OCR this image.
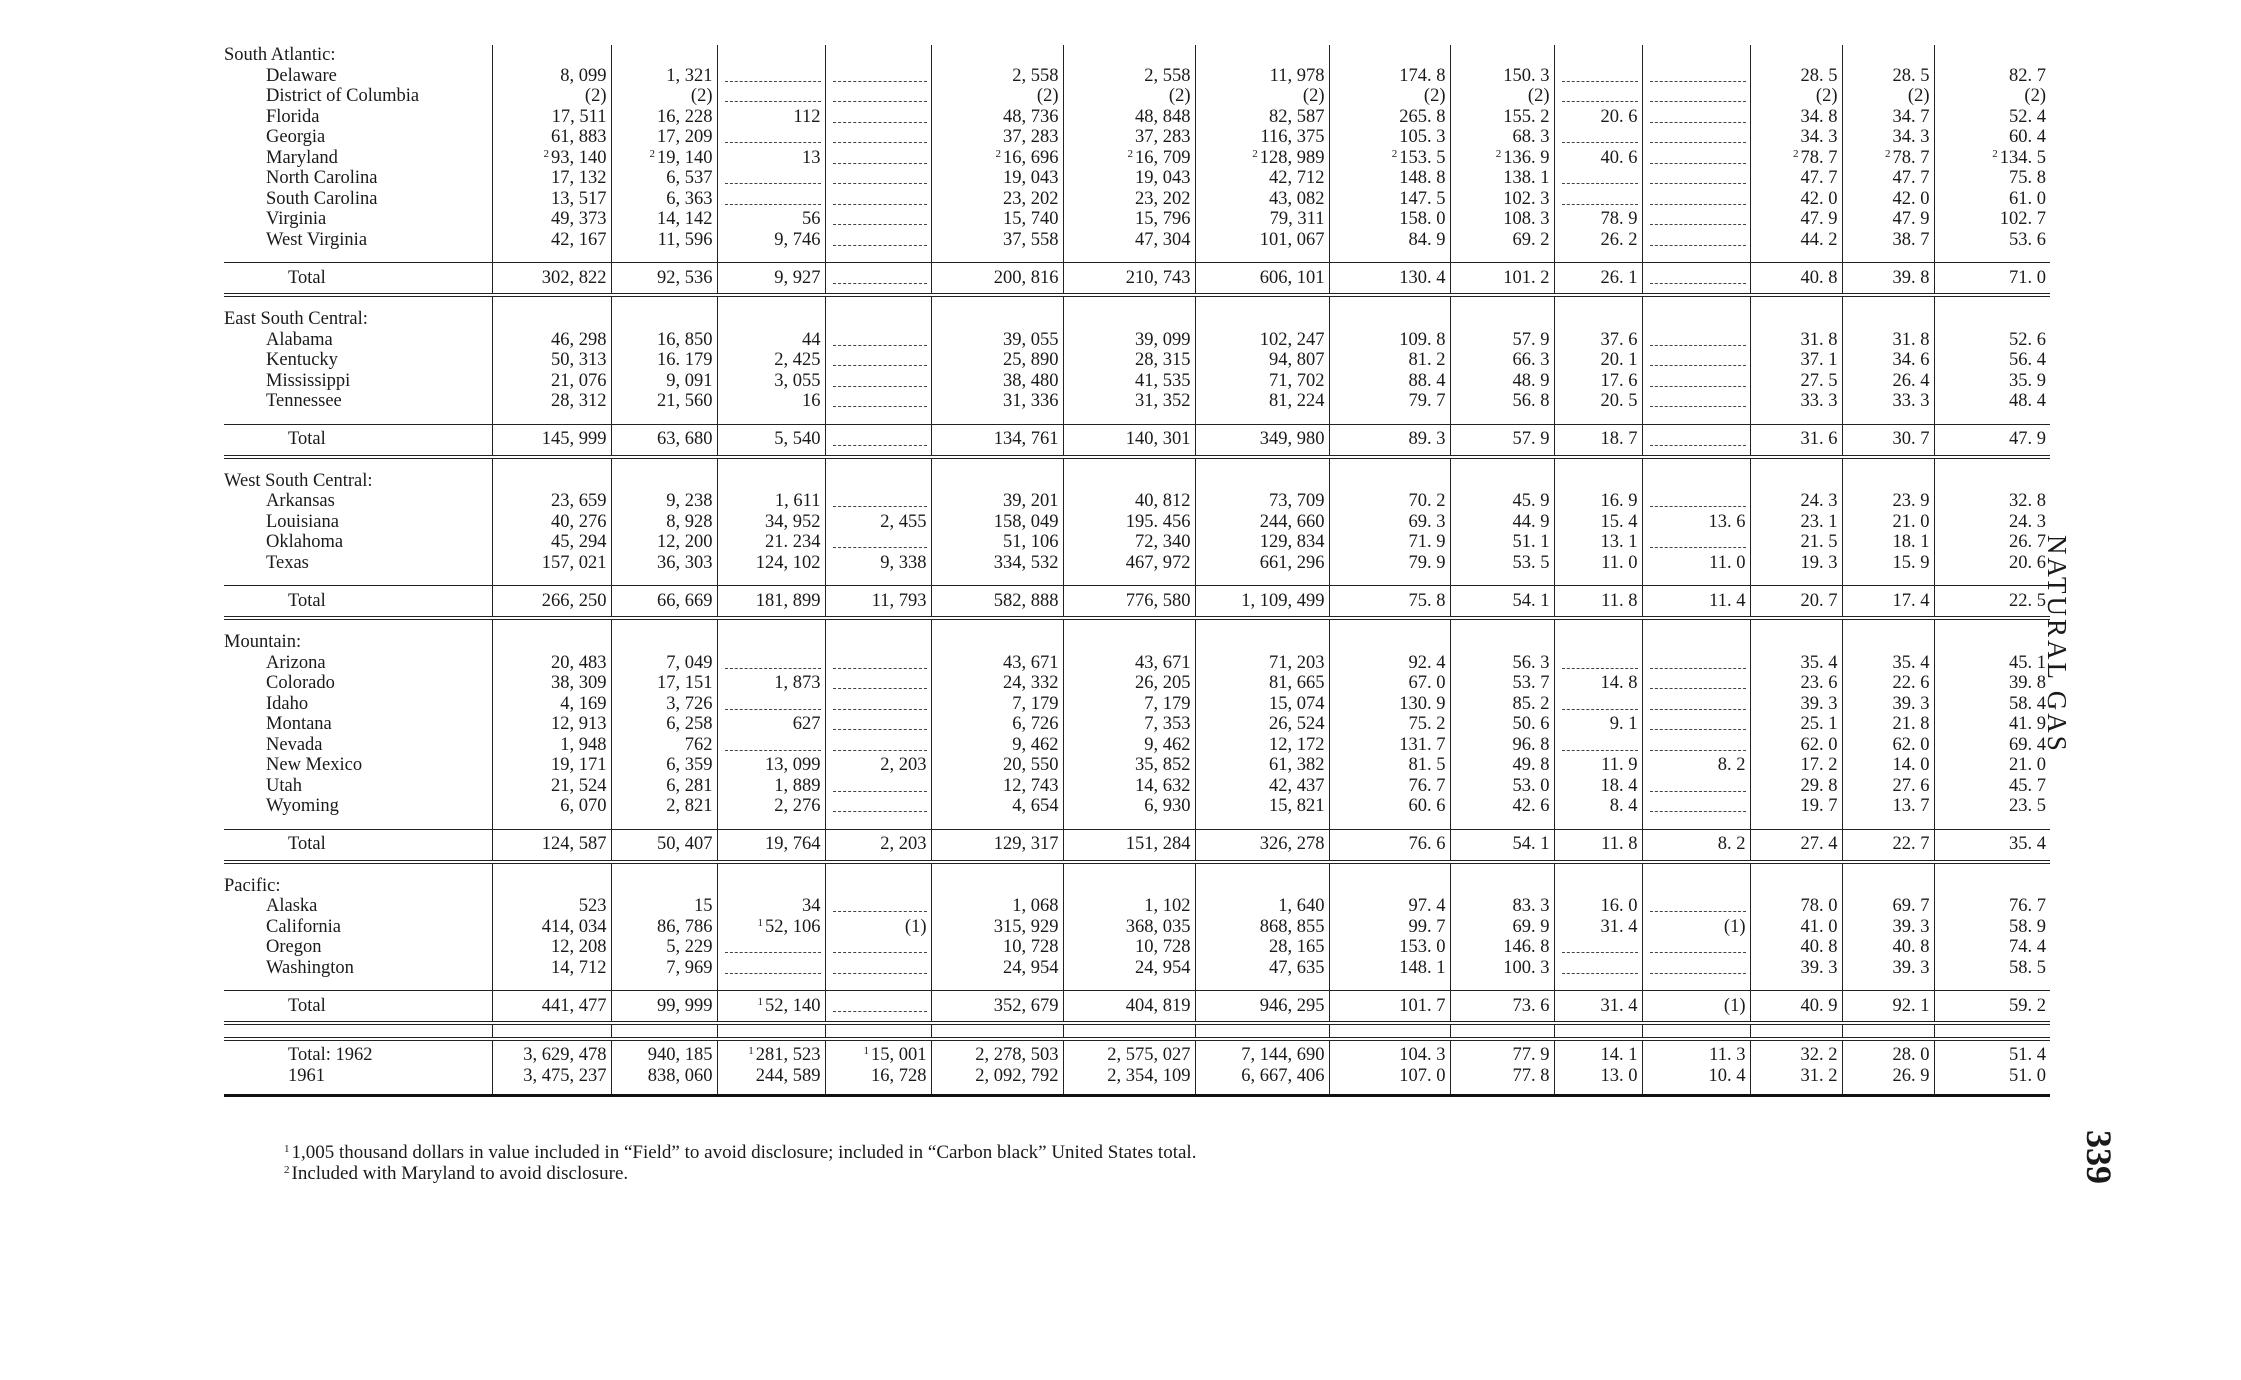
South Atlantic:														
Delaware	8, 099	1, 321			2, 558	2, 558	11, 978	174. 8	150. 3			28. 5	28. 5	82. 7
District of Columbia	(2)	(2)			(2)	(2)	(2)	(2)	(2)			(2)	(2)	(2)
Florida	17, 511	16, 228	112		48, 736	48, 848	82, 587	265. 8	155. 2	20. 6		34. 8	34. 7	52. 4
Georgia	61, 883	17, 209			37, 283	37, 283	116, 375	105. 3	68. 3			34. 3	34. 3	60. 4
Maryland	$^2$ 93, 140	$^2$ 19, 140	13		$^2$ 16, 696	$^2$ 16, 709	$^2$ 128, 989	$^2$ 153. 5	$^2$ 136. 9	40. 6		$^2$ 78. 7	$^2$ 78. 7	$^2$ 134. 5
North Carolina	17, 132	6, 537			19, 043	19, 043	42, 712	148. 8	138. 1			47. 7	47. 7	75. 8
South Carolina	13, 517	6, 363			23, 202	23, 202	43, 082	147. 5	102. 3			42. 0	42. 0	61. 0
Virginia	49, 373	14, 142	56		15, 740	15, 796	79, 311	158. 0	108. 3	78. 9		47. 9	47. 9	102. 7
West Virginia	42, 167	11, 596	9, 746		37, 558	47, 304	101, 067	84. 9	69. 2	26. 2		44. 2	38. 7	53. 6

Total	302, 822	92, 536	9, 927		200, 816	210, 743	606, 101	130. 4	101. 2	26. 1		40. 8	39. 8	71. 0

East South Central:														
Alabama	46, 298	16, 850	44		39, 055	39, 099	102, 247	109. 8	57. 9	37. 6		31. 8	31. 8	52. 6
Kentucky	50, 313	16. 179	2, 425		25, 890	28, 315	94, 807	81. 2	66. 3	20. 1		37. 1	34. 6	56. 4
Mississippi	21, 076	9, 091	3, 055		38, 480	41, 535	71, 702	88. 4	48. 9	17. 6		27. 5	26. 4	35. 9
Tennessee	28, 312	21, 560	16		31, 336	31, 352	81, 224	79. 7	56. 8	20. 5		33. 3	33. 3	48. 4

Total	145, 999	63, 680	5, 540		134, 761	140, 301	349, 980	89. 3	57. 9	18. 7		31. 6	30. 7	47. 9

West South Central:														
Arkansas	23, 659	9, 238	1, 611		39, 201	40, 812	73, 709	70. 2	45. 9	16. 9		24. 3	23. 9	32. 8
Louisiana	40, 276	8, 928	34, 952	2, 455	158, 049	195. 456	244, 660	69. 3	44. 9	15. 4	13. 6	23. 1	21. 0	24. 3
Oklahoma	45, 294	12, 200	21. 234		51, 106	72, 340	129, 834	71. 9	51. 1	13. 1		21. 5	18. 1	26. 7
Texas	157, 021	36, 303	124, 102	9, 338	334, 532	467, 972	661, 296	79. 9	53. 5	11. 0	11. 0	19. 3	15. 9	20. 6

Total	266, 250	66, 669	181, 899	11, 793	582, 888	776, 580	1, 109, 499	75. 8	54. 1	11. 8	11. 4	20. 7	17. 4	22. 5

Mountain:														
Arizona	20, 483	7, 049			43, 671	43, 671	71, 203	92. 4	56. 3			35. 4	35. 4	45. 1
Colorado	38, 309	17, 151	1, 873		24, 332	26, 205	81, 665	67. 0	53. 7	14. 8		23. 6	22. 6	39. 8
Idaho	4, 169	3, 726			7, 179	7, 179	15, 074	130. 9	85. 2			39. 3	39. 3	58. 4
Montana	12, 913	6, 258	627		6, 726	7, 353	26, 524	75. 2	50. 6	9. 1		25. 1	21. 8	41. 9
Nevada	1, 948	762			9, 462	9, 462	12, 172	131. 7	96. 8			62. 0	62. 0	69. 4
New Mexico	19, 171	6, 359	13, 099	2, 203	20, 550	35, 852	61, 382	81. 5	49. 8	11. 9	8. 2	17. 2	14. 0	21. 0
Utah	21, 524	6, 281	1, 889		12, 743	14, 632	42, 437	76. 7	53. 0	18. 4		29. 8	27. 6	45. 7
Wyoming	6, 070	2, 821	2, 276		4, 654	6, 930	15, 821	60. 6	42. 6	8. 4		19. 7	13. 7	23. 5

Total	124, 587	50, 407	19, 764	2, 203	129, 317	151, 284	326, 278	76. 6	54. 1	11. 8	8. 2	27. 4	22. 7	35. 4

Pacific:														
Alaska	523	15	34		1, 068	1, 102	1, 640	97. 4	83. 3	16. 0		78. 0	69. 7	76. 7
California	414, 034	86, 786	$^1$ 52, 106	(1)	315, 929	368, 035	868, 855	99. 7	69. 9	31. 4	(1)	41. 0	39. 3	58. 9
Oregon	12, 208	5, 229			10, 728	10, 728	28, 165	153. 0	146. 8			40. 8	40. 8	74. 4
Washington	14, 712	7, 969			24, 954	24, 954	47, 635	148. 1	100. 3			39. 3	39. 3	58. 5

Total	441, 477	99, 999	$^1$ 52, 140		352, 679	404, 819	946, 295	101. 7	73. 6	31. 4	(1)	40. 9	92. 1	59. 2

Total: 1962	3, 629, 478	940, 185	$^1$ 281, 523	$^1$ 15, 001	2, 278, 503	2, 575, 027	7, 144, 690	104. 3	77. 9	14. 1	11. 3	32. 2	28. 0	51. 4
1961	3, 475, 237	838, 060	244, 589	16, 728	2, 092, 792	2, 354, 109	6, 667, 406	107. 0	77. 8	13. 0	10. 4	31. 2	26. 9	51. 0

$^1$ 1,005 thousand dollars in value included in “Field” to avoid disclosure; included in “Carbon black” United States total.

$^2$ Included with Maryland to avoid disclosure.

NATURAL GAS
339
